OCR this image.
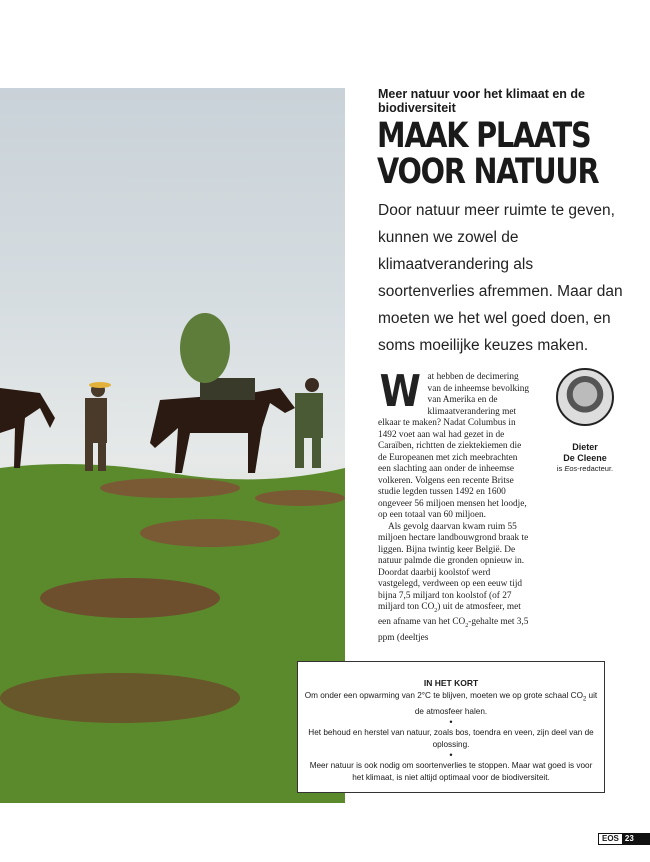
Meer natuur voor het klimaat en de biodiversiteit
MAAK PLAATS
VOOR NATUUR

Door natuur meer ruimte te geven, kunnen we zowel de klimaatverandering als soortenverlies afremmen. Maar dan moeten we het wel goed doen, en soms moeilijke keuzes maken.

Wat hebben de decimering van de inheemse bevolking van Amerika en de klimaatverandering met elkaar te maken? Nadat Columbus in 1492 voet aan wal had gezet in de Caraïben, richtten de ziektekiemen die de Europeanen met zich meebrachten een slachting aan onder de inheemse volkeren. Volgens een recente Britse studie legden tussen 1492 en 1600 ongeveer 56 miljoen mensen het loodje, op een totaal van 60 miljoen.

Als gevolg daarvan kwam ruim 55 miljoen hectare landbouwgrond braak te liggen. Bijna twintig keer België. De natuur palmde die gronden opnieuw in. Doordat daarbij koolstof werd vastgelegd, verdween op een eeuw tijd bijna 7,5 miljard ton koolstof (of 27 miljard ton $CO_2$) uit de atmosfeer, met een afname van het $CO_2$-gehalte met 3,5 ppm (deeltjes

Dieter
De Cleene
is Eos-redacteur.
IN HET KORT

Om onder een opwarming van 2°C te blijven, moeten we op grote schaal $CO_2$ uit de atmosfeer halen.

•

Het behoud en herstel van natuur, zoals bos, toendra en veen, zijn deel van de oplossing.

•

Meer natuur is ook nodig om soortenverlies te stoppen. Maar wat goed is voor het klimaat, is niet altijd optimaal voor de biodiversiteit.

EOS 23
